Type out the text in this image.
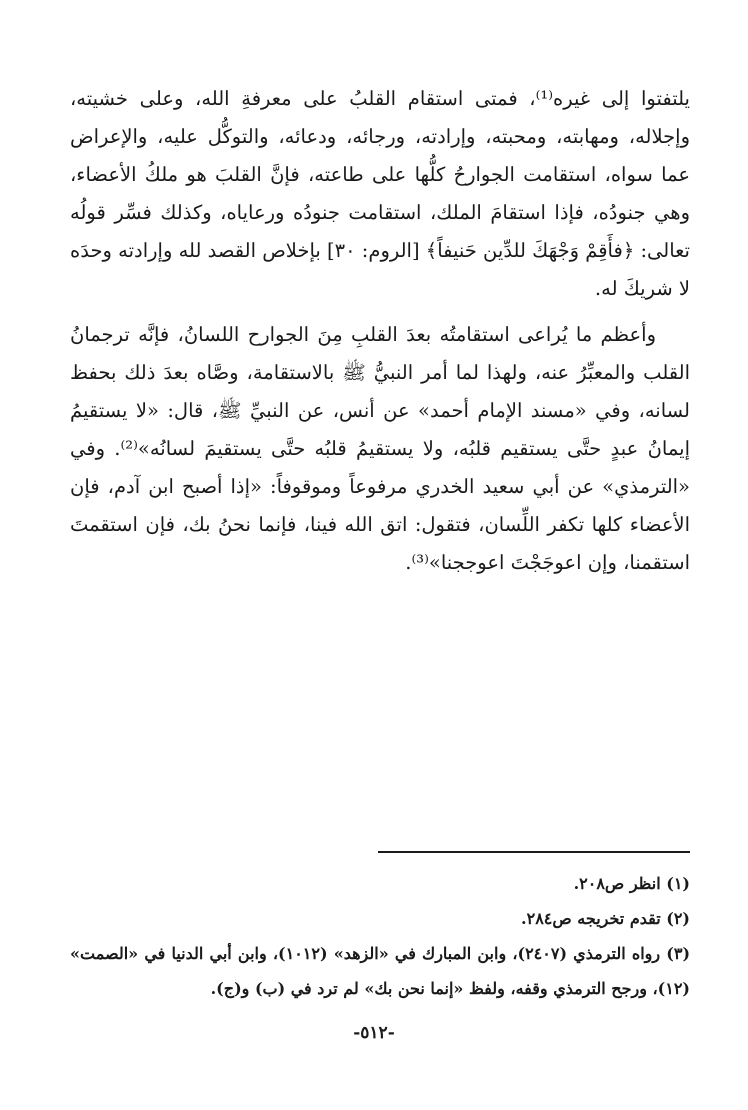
يلتفتوا إلى غيره⁽¹⁾، فمتى استقام القلبُ على معرفةِ الله، وعلى خشيته، وإجلاله، ومهابته، ومحبته، وإرادته، ورجائه، ودعائه، والتوكُّل عليه، والإعراض عما سواه، استقامت الجوارحُ كلُّها على طاعته، فإنَّ القلبَ هو ملكُ الأعضاء، وهي جنودُه، فإذا استقامَ الملك، استقامت جنودُه ورعاياه، وكذلك فسِّر قولُه تعالى: ﴿فأَقِمْ وَجْهَكَ للدِّين حَنيفاً﴾ [الروم: ٣٠] بإخلاص القصد لله وإرادته وحدَه لا شريكَ له.

وأعظم ما يُراعى استقامتُه بعدَ القلبِ مِنَ الجوارح اللسانُ، فإنَّه ترجمانُ القلب والمعبِّرُ عنه، ولهذا لما أمر النبيُّ ﷺ بالاستقامة، وصَّاه بعدَ ذلك بحفظ لسانه، وفي «مسند الإمام أحمد» عن أنس، عن النبيِّ ﷺ، قال: «لا يستقيمُ إيمانُ عبدٍ حتَّى يستقيم قلبُه، ولا يستقيمُ قلبُه حتَّى يستقيمَ لسانُه»⁽²⁾. وفي «الترمذي» عن أبي سعيد الخدري مرفوعاً وموقوفاً: «إذا أصبح ابن آدم، فإن الأعضاء كلها تكفر اللِّسان، فتقول: اتق الله فينا، فإنما نحنُ بك، فإن استقمتَ استقمنا، وإن اعوجَجْتَ اعوججنا»⁽³⁾.

(١) انظر ص٢٠٨.

(٢) تقدم تخريجه ص٢٨٤.

(٣) رواه الترمذي (٢٤٠٧)، وابن المبارك في «الزهد» (١٠١٢)، وابن أبي الدنيا في «الصمت» (١٢)، ورجح الترمذي وقفه، ولفظ «إنما نحن بك» لم ترد في (ب) و(ج).

-٥١٢-
